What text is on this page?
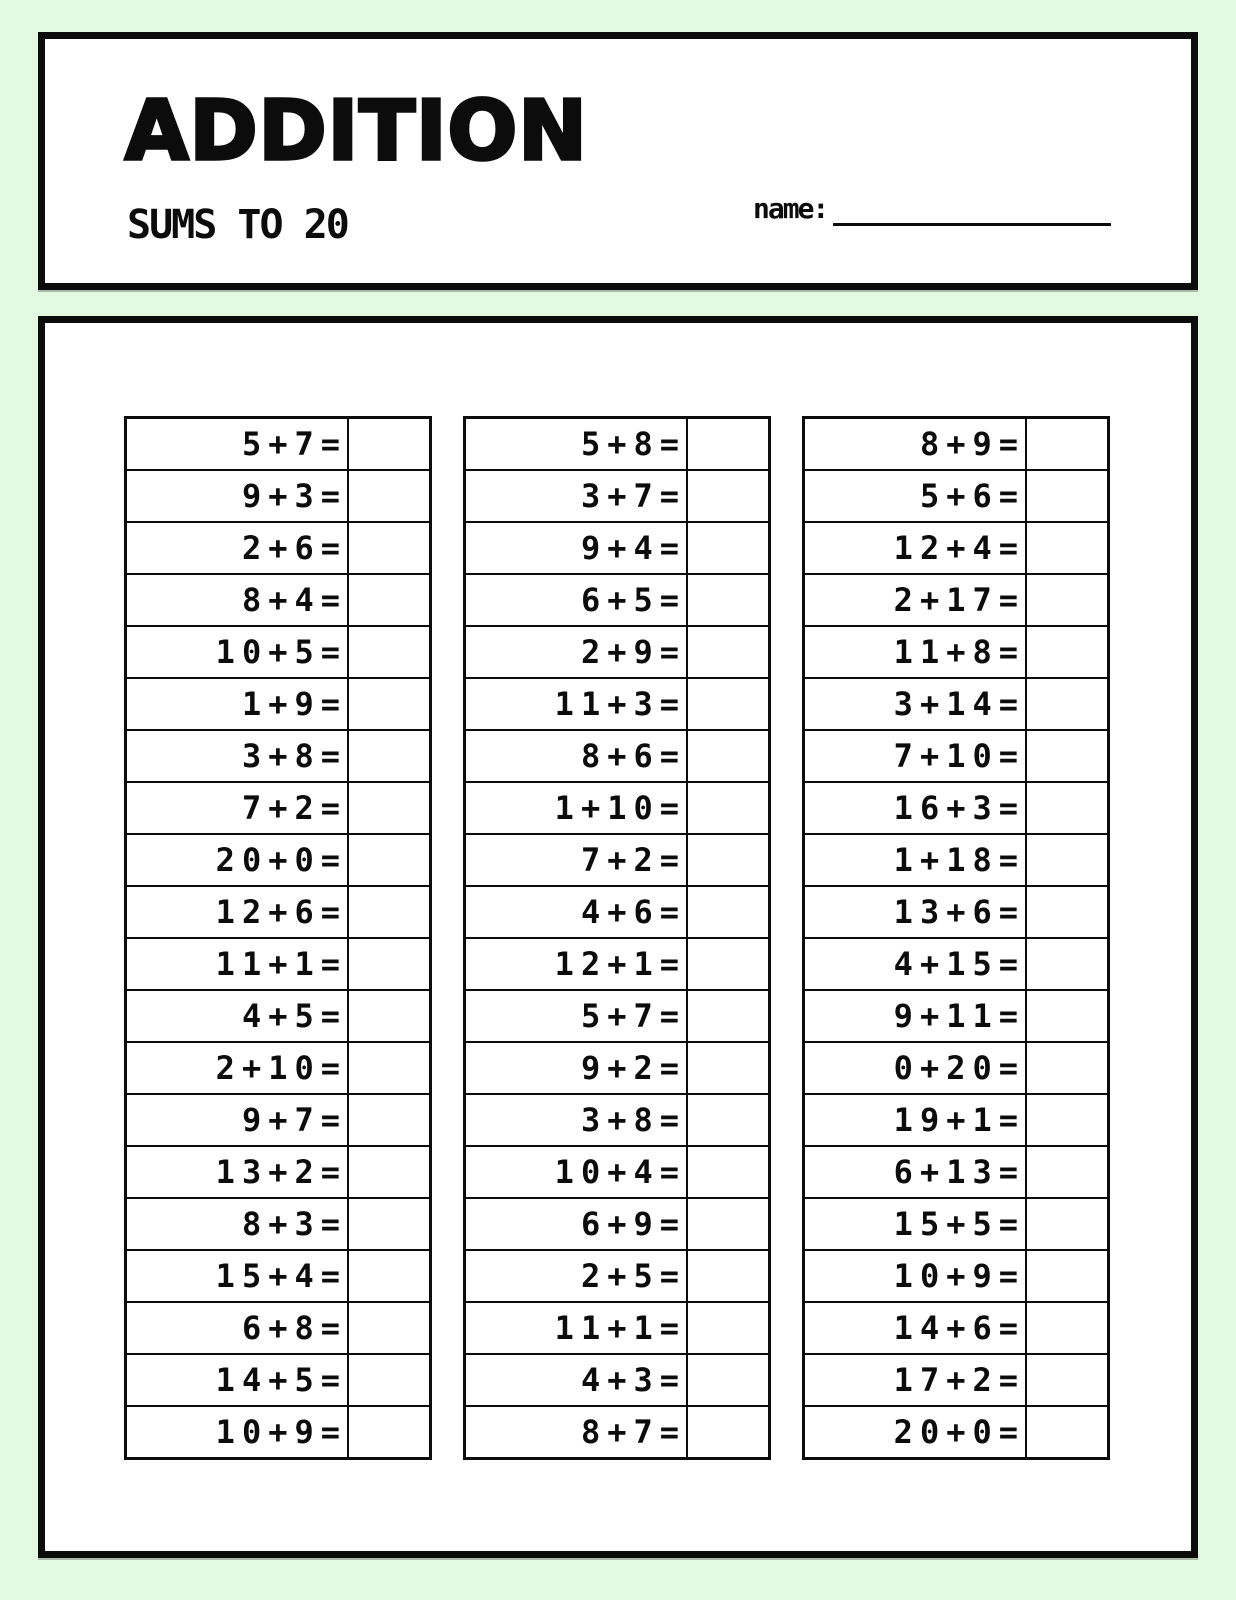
ADDITION
SUMS TO 20	name:
5+7=	
9+3=	
2+6=	
8+4=	
10+5=	
1+9=	
3+8=	
7+2=	
20+0=	
12+6=	
11+1=	
4+5=	
2+10=	
9+7=	
13+2=	
8+3=	
15+4=	
6+8=	
14+5=	
10+9=	
5+8=	
3+7=	
9+4=	
6+5=	
2+9=	
11+3=	
8+6=	
1+10=	
7+2=	
4+6=	
12+1=	
5+7=	
9+2=	
3+8=	
10+4=	
6+9=	
2+5=	
11+1=	
4+3=	
8+7=	
8+9=	
5+6=	
12+4=	
2+17=	
11+8=	
3+14=	
7+10=	
16+3=	
1+18=	
13+6=	
4+15=	
9+11=	
0+20=	
19+1=	
6+13=	
15+5=	
10+9=	
14+6=	
17+2=	
20+0=	
